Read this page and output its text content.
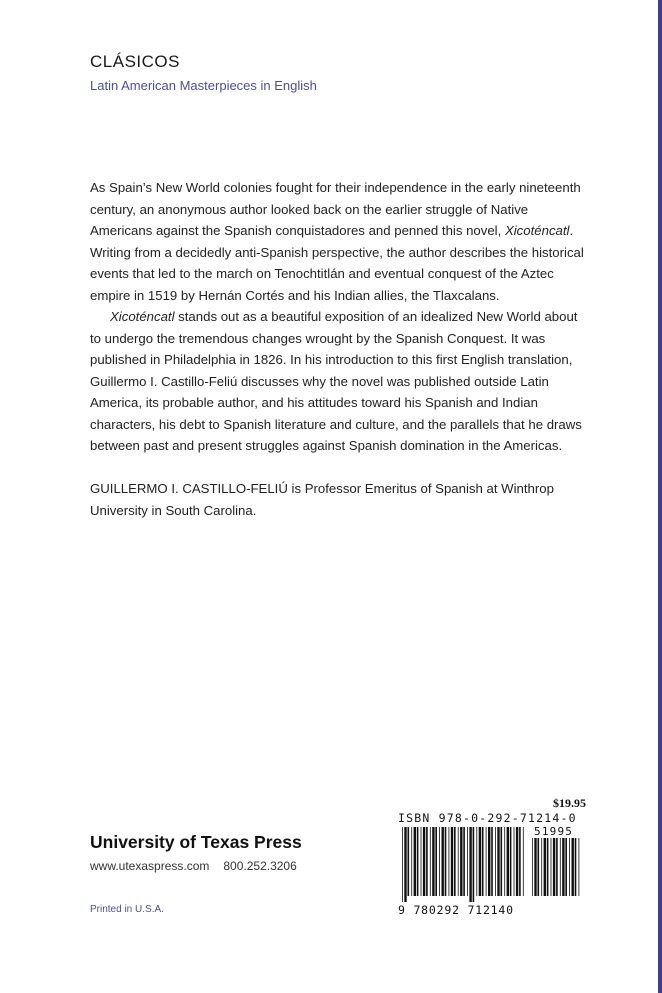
CLÁSICOS
Latin American Masterpieces in English

As Spain’s New World colonies fought for their independence in the early nineteenth century, an anonymous author looked back on the earlier struggle of Native Americans against the Spanish conquistadores and penned this novel, Xicoténcatl. Writing from a decidedly anti-Spanish perspective, the author describes the historical events that led to the march on Tenochtitlán and eventual conquest of the Aztec empire in 1519 by Hernán Cortés and his Indian allies, the Tlaxcalans.

Xicoténcatl stands out as a beautiful exposition of an idealized New World about to undergo the tremendous changes wrought by the Spanish Conquest. It was published in Philadelphia in 1826. In his introduction to this first English translation, Guillermo I. Castillo-Feliú discusses why the novel was published outside Latin America, its probable author, and his attitudes toward his Spanish and Indian characters, his debt to Spanish literature and culture, and the parallels that he draws between past and present struggles against Spanish domination in the Americas.

GUILLERMO I. CASTILLO-FELIÚ is Professor Emeritus of Spanish at Winthrop University in South Carolina.

University of Texas Press
www.utexaspress.com 800.252.3206
Printed in U.S.A.
$19.95
ISBN 978-0-292-71214-0
51995
9 780292 712140
